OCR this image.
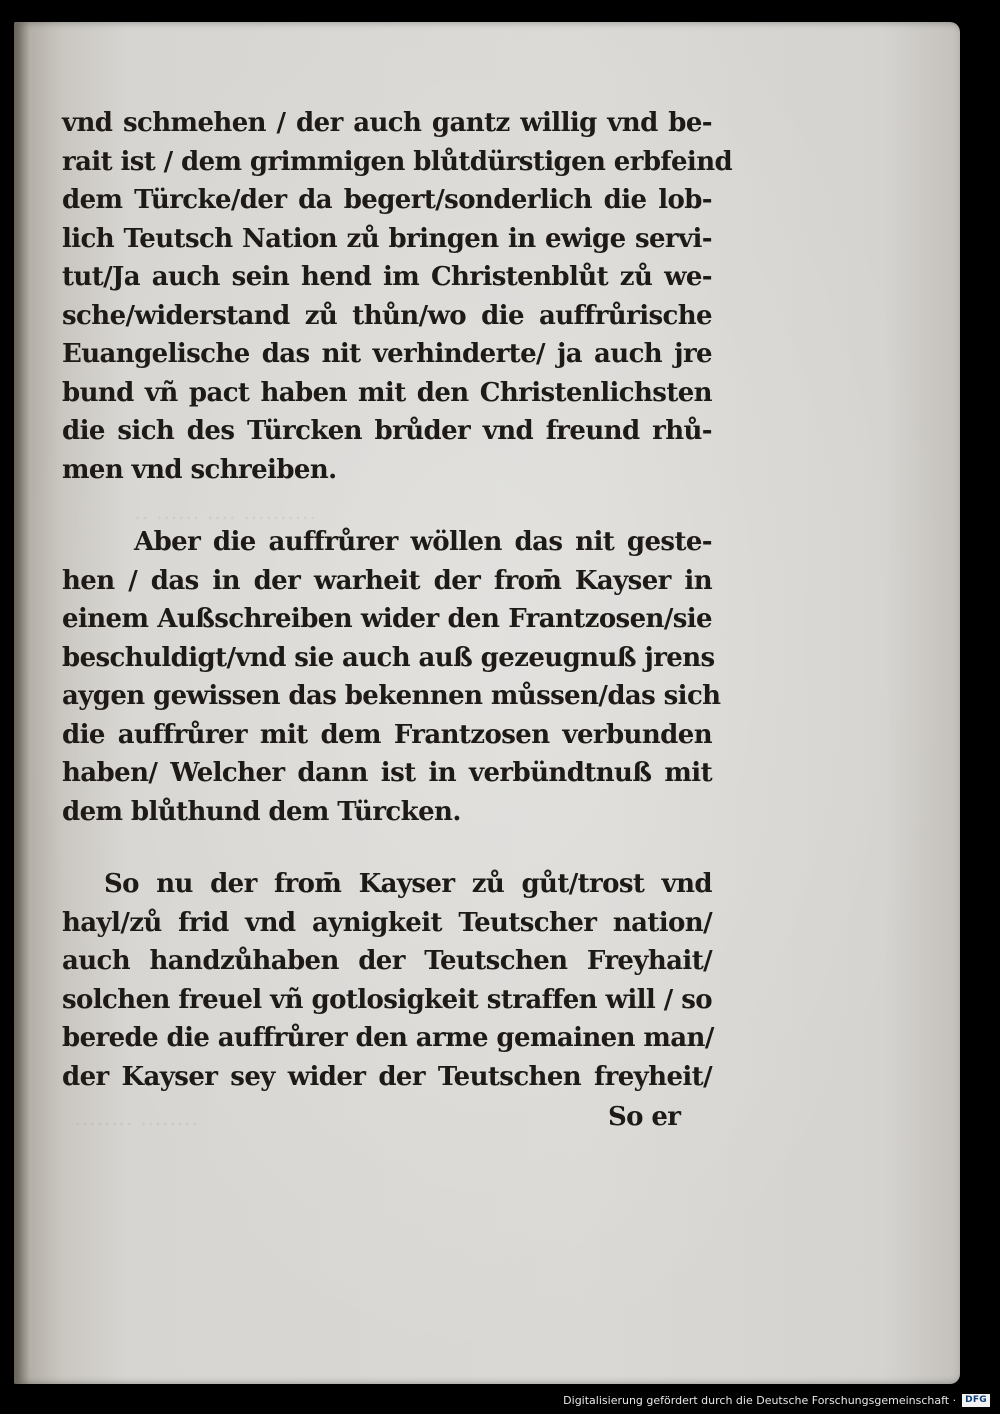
‥ ‥‥‥ ‥‥ ‥‥‥‥‥
‥‥‥‥ ‥‥‥‥
vnd schmehen / der auch gantz willig vnd be-
rait ist / dem grimmigen blůtdürstigen erbfeind
dem Türcke/der da begert/sonderlich die lob-
lich Teutsch Nation zů bringen in ewige servi-
tut/Ja auch sein hend im Christenblůt zů we-
sche/widerstand zů thůn/wo die auffrůrische
Euangelische das nit verhinderte/ ja auch jre
bund vñ pact haben mit den Christenlichsten
die sich des Türcken brůder vnd freund rhů-
men vnd schreiben.
Aber die auffrůrer wöllen das nit geste-
hen / das in der warheit der from̄ Kayser in
einem Außschreiben wider den Frantzosen/sie
beschuldigt/vnd sie auch auß gezeugnuß jrens
aygen gewissen das bekennen můssen/das sich
die auffrůrer mit dem Frantzosen verbunden
haben/ Welcher dann ist in verbündtnuß mit
dem blůthund dem Türcken.
So nu der from̄ Kayser zů gůt/trost vnd
hayl/zů frid vnd aynigkeit Teutscher nation/
auch handzůhaben der Teutschen Freyhait/
solchen freuel vñ gotlosigkeit straffen will / so
berede die auffrůrer den arme gemainen man/
der Kayser sey wider der Teutschen freyheit/
So er
Digitalisierung gefördert durch die Deutsche Forschungsgemeinschaft ·	DFG
